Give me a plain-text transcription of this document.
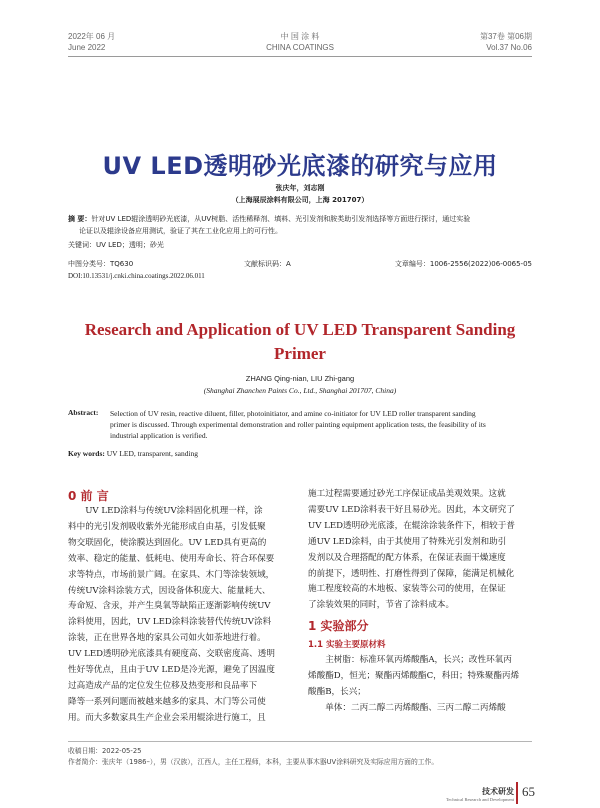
2022年 06 月
June 2022
中 国 涂 料
CHINA COATINGS
第37卷 第06期
Vol.37 No.06
UV LED透明砂光底漆的研究与应用
张庆年，刘志刚
（上海展辰涂料有限公司，上海 201707）
摘 要：针对UV LED辊涂透明砂光底漆，从UV树脂、活性稀释剂、填料、光引发剂和胺类助引发剂选择等方面进行探讨，通过实验
论证以及辊涂设备应用测试，验证了其在工业化应用上的可行性。
关键词：UV LED；透明；砂光
中图分类号：TQ630	文献标识码：A	文章编号：1006-2556(2022)06-0065-05
DOI:10.13531/j.cnki.china.coatings.2022.06.011
Research and Application of UV LED Transparent Sanding
Primer
ZHANG Qing-nian, LIU Zhi-gang
(Shanghai Zhanchen Paints Co., Ltd., Shanghai 201707, China)
Abstract: Selection of UV resin, reactive diluent, filler, photoinitiator, and amine co-initiator for UV LED roller transparent sanding
primer is discussed. Through experimental demonstration and roller painting equipment application tests, the feasibility of its
industrial application is verified.
Key words: UV LED, transparent, sanding
0 前 言

UV LED涂料与传统UV涂料固化机理一样，涂

料中的光引发剂吸收紫外光能形成自由基，引发低聚

物交联固化，使涂膜达到固化。UV LED具有更高的

效率、稳定的能量、低耗电、使用寿命长、符合环保要

求等特点，市场前景广阔。在家具、木门等涂装领域，

传统UV涂料涂装方式，因设备体积庞大、能量耗大、

寿命短、含汞，并产生臭氧等缺陷正逐渐影响传统UV

涂料使用，因此，UV LED涂料涂装替代传统UV涂料

涂装，正在世界各地的家具公司如火如荼地进行着。

UV LED透明砂光底漆具有硬度高、交联密度高、透明

性好等优点，且由于UV LED是冷光源，避免了因温度

过高造成产品的定位发生位移及热变形和良品率下

降等一系列问题而被越来越多的家具、木门等公司使

用。而大多数家具生产企业会采用辊涂进行施工，且

施工过程需要通过砂光工序保证成品美观效果。这就

需要UV LED涂料表干好且易砂光。因此，本文研究了

UV LED透明砂光底漆，在辊涂涂装条件下，相较于普

通UV LED涂料，由于其使用了特殊光引发剂和助引

发剂以及合理搭配的配方体系，在保证表面干燥速度

的前提下，透明性、打磨性得到了保障，能满足机械化

施工程度较高的木地板、家装等公司的使用，在保证

了涂装效果的同时，节省了涂料成本。

1 实验部分
1.1 实验主要原材料

主树脂：标准环氧丙烯酸酯A，长兴；改性环氧丙

烯酸酯D，恒光；聚酯丙烯酸酯C，科田；特殊聚酯丙烯

酸酯B，长兴；

单体：二丙二醇二丙烯酸酯、三丙二醇二丙烯酸

收稿日期：2022-05-25
作者简介：张庆年（1986–），男（汉族），江西人，主任工程师，本科，主要从事木器UV涂料研究及实际应用方面的工作。
技术研发
Technical Research and Development
65
